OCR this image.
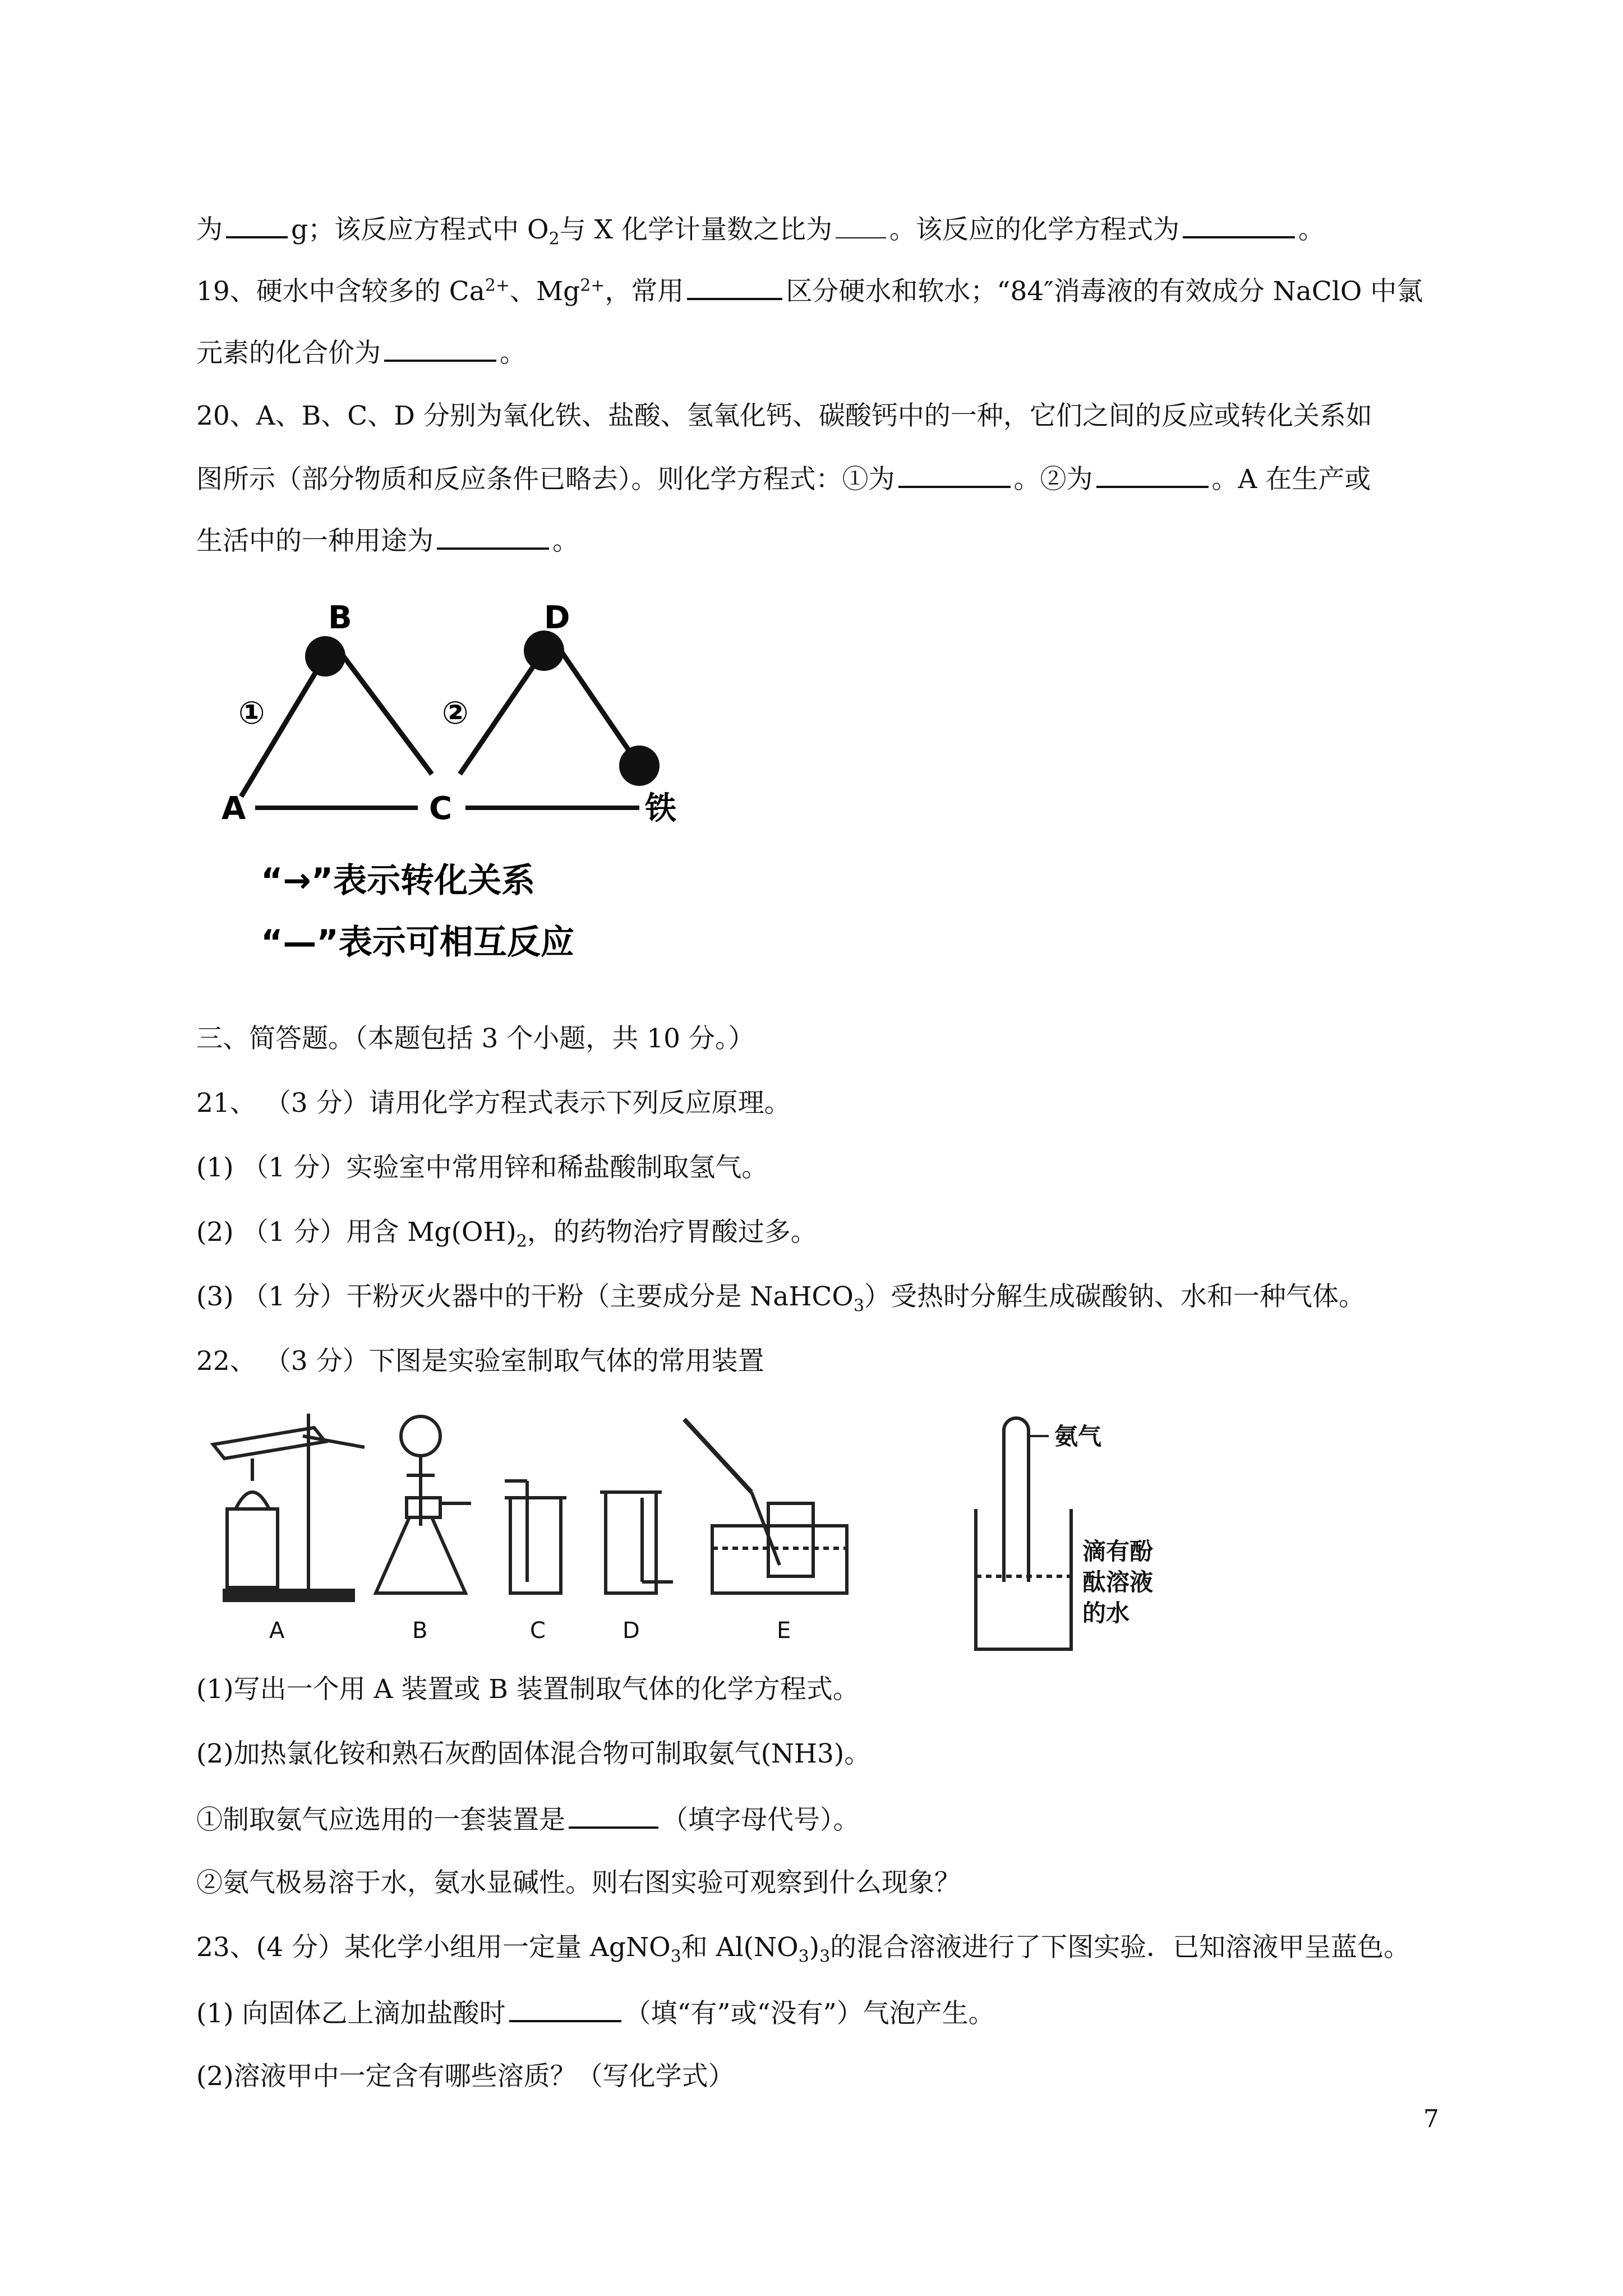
为	g；该反应方程式中 $O_2$与 X 化学计量数之比为 。该反应的化学方程式为	。
19、硬水中含较多的 $Ca^{2+}$、$Mg^{2+}$，常用	区分硬水和软水；“84″消毒液的有效成分 NaClO 中氯
元素的化合价为	。
20、A、B、C、D 分别为氧化铁、盐酸、氢氧化钙、碳酸钙中的一种，它们之间的反应或转化关系如
图所示（部分物质和反应条件已略去）。则化学方程式：①为	。②为	。A 在生产或
生活中的一种用途为	。
B	D
A	C	铁
①	②
“→”表示转化关系
“—”表示可相互反应
三、简答题。（本题包括 3 个小题，共 10 分。）
21、 （3 分）请用化学方程式表示下列反应原理。
(1) （1 分）实验室中常用锌和稀盐酸制取氢气。
(2) （1 分）用含 $Mg(OH)_2$，的药物治疗胃酸过多。
(3) （1 分）干粉灭火器中的干粉（主要成分是 NaHCO$_3$）受热时分解生成碳酸钠、水和一种气体。
22、 （3 分）下图是实验室制取气体的常用装置
A	B	C	D	E
氨气
滴有酚
酞溶液
的水
(1)写出一个用 A 装置或 B 装置制取气体的化学方程式。
(2)加热氯化铵和熟石灰酌固体混合物可制取氨气(NH3)。
①制取氨气应选用的一套装置是	（填字母代号）。
②氨气极易溶于水，氨水显碱性。则右图实验可观察到什么现象？
23、(4 分）某化学小组用一定量 AgNO$_3$和 $Al(NO_3)_3$的混合溶液进行了下图实验．已知溶液甲呈蓝色。
(1) 向固体乙上滴加盐酸时	（填“有”或“没有”）气泡产生。
(2)溶液甲中一定含有哪些溶质？（写化学式）
7
